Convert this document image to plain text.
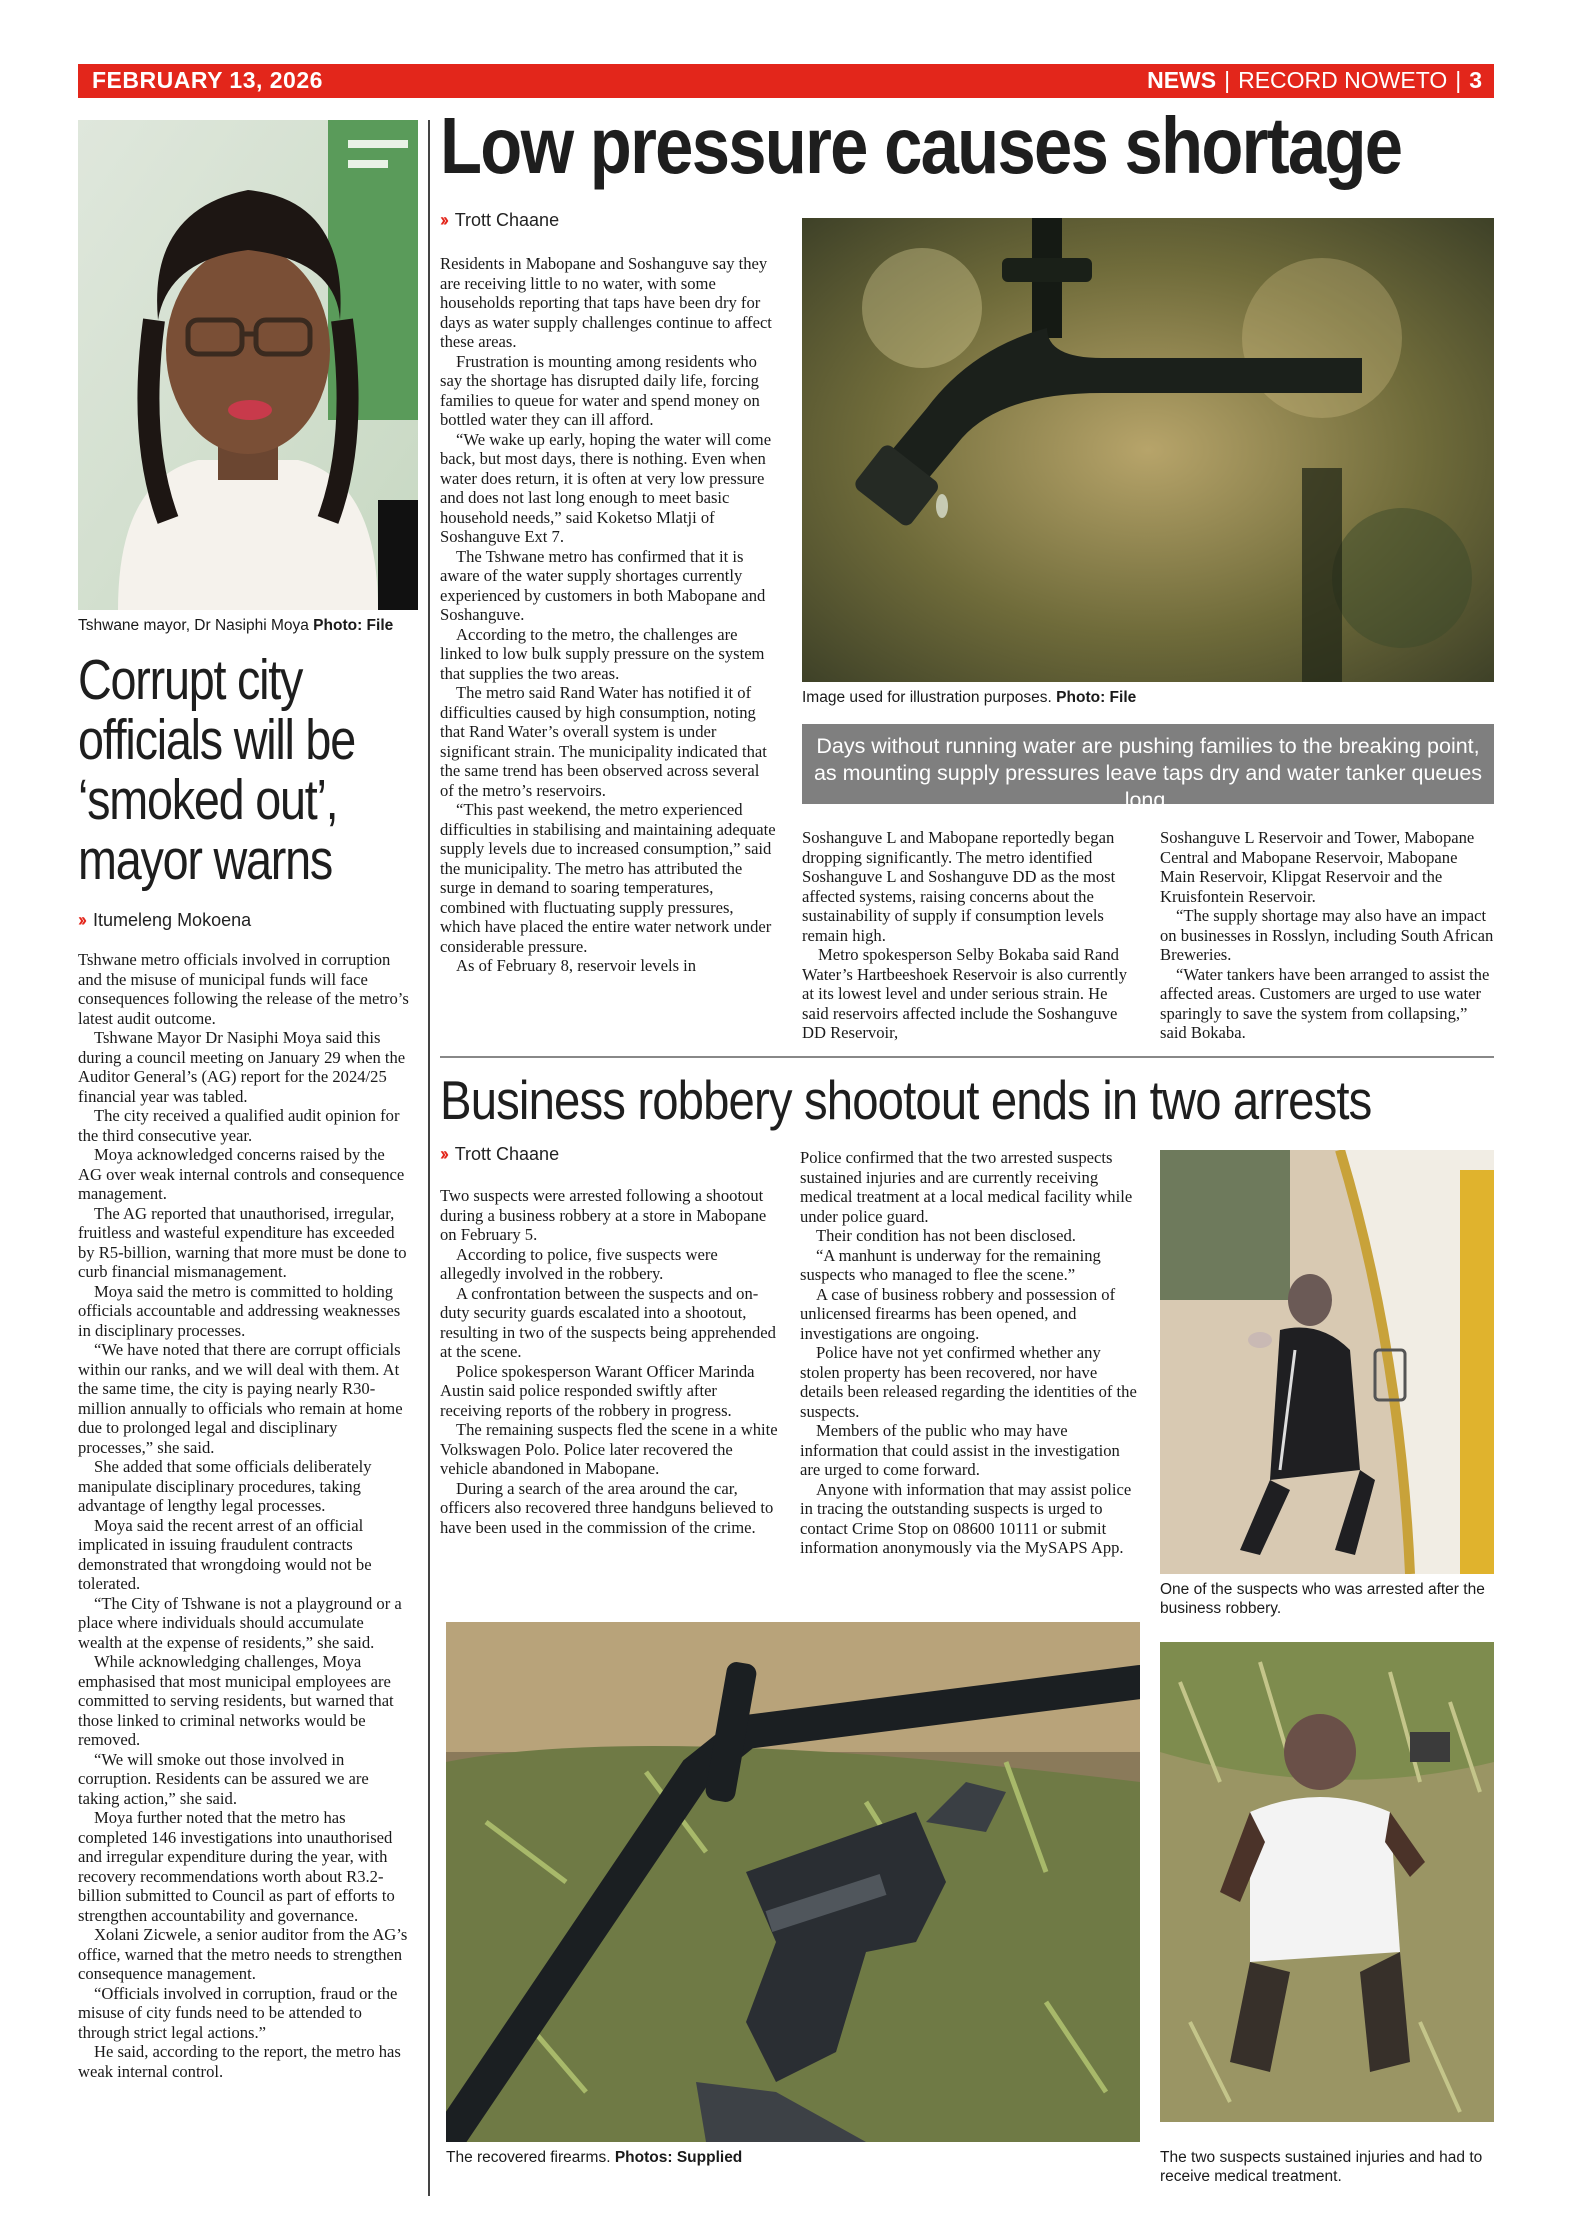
FEBRUARY 13, 2026	NEWS | RECORD NOWETO | 3
Tshwane mayor, Dr Nasiphi Moya Photo: File
Corrupt city officials will be ‘smoked out’, mayor warns
›› Itumeleng Mokoena

Tshwane metro officials involved in corruption and the misuse of municipal funds will face consequences following the release of the metro’s latest audit outcome.

Tshwane Mayor Dr Nasiphi Moya said this during a council meeting on January 29 when the Auditor General’s (AG) report for the 2024/25 financial year was tabled.

The city received a qualified audit opinion for the third consecutive year.

Moya acknowledged concerns raised by the AG over weak internal controls and consequence management.

The AG reported that unauthorised, irregular, fruitless and wasteful expenditure has exceeded by R5-billion, warning that more must be done to curb financial mismanagement.

Moya said the metro is committed to holding officials accountable and addressing weaknesses in disciplinary processes.

“We have noted that there are corrupt officials within our ranks, and we will deal with them. At the same time, the city is paying nearly R30-million annually to officials who remain at home due to prolonged legal and disciplinary processes,” she said.

She added that some officials deliberately manipulate disciplinary procedures, taking advantage of lengthy legal processes.

Moya said the recent arrest of an official implicated in issuing fraudulent contracts demonstrated that wrongdoing would not be tolerated.

“The City of Tshwane is not a playground or a place where individuals should accumulate wealth at the expense of residents,” she said.

While acknowledging challenges, Moya emphasised that most municipal employees are committed to serving residents, but warned that those linked to criminal networks would be removed.

“We will smoke out those involved in corruption. Residents can be assured we are taking action,” she said.

Moya further noted that the metro has completed 146 investigations into unauthorised and irregular expenditure during the year, with recovery recommendations worth about R3.2-billion submitted to Council as part of efforts to strengthen accountability and governance.

Xolani Zicwele, a senior auditor from the AG’s office, warned that the metro needs to strengthen consequence management.

“Officials involved in corruption, fraud or the misuse of city funds need to be attended to through strict legal actions.”

He said, according to the report, the metro has weak internal control.

Low pressure causes shortage
›› Trott Chaane

Residents in Mabopane and Soshanguve say they are receiving little to no water, with some households reporting that taps have been dry for days as water supply challenges continue to affect these areas.

Frustration is mounting among residents who say the shortage has disrupted daily life, forcing families to queue for water and spend money on bottled water they can ill afford.

“We wake up early, hoping the water will come back, but most days, there is nothing. Even when water does return, it is often at very low pressure and does not last long enough to meet basic household needs,” said Koketso Mlatji of Soshanguve Ext 7.

The Tshwane metro has confirmed that it is aware of the water supply shortages currently experienced by customers in both Mabopane and Soshanguve.

According to the metro, the challenges are linked to low bulk supply pressure on the system that supplies the two areas.

The metro said Rand Water has notified it of difficulties caused by high consumption, noting that Rand Water’s overall system is under significant strain. The municipality indicated that the same trend has been observed across several of the metro’s reservoirs.

“This past weekend, the metro experienced difficulties in stabilising and maintaining adequate supply levels due to increased consumption,” said the municipality. The metro has attributed the surge in demand to soaring temperatures, combined with fluctuating supply pressures, which have placed the entire water network under considerable pressure.

As of February 8, reservoir levels in

Image used for illustration purposes. Photo: File
Days without running water are pushing families to the breaking point, as mounting supply pressures leave taps dry and water tanker queues long.

Soshanguve L and Mabopane reportedly began dropping significantly. The metro identified Soshanguve L and Soshanguve DD as the most affected systems, raising concerns about the sustainability of supply if consumption levels remain high.

Metro spokesperson Selby Bokaba said Rand Water’s Hartbeeshoek Reservoir is also currently at its lowest level and under serious strain. He said reservoirs affected include the Soshanguve DD Reservoir,

Soshanguve L Reservoir and Tower, Mabopane Central and Mabopane Reservoir, Mabopane Main Reservoir, Klipgat Reservoir and the Kruisfontein Reservoir.

“The supply shortage may also have an impact on businesses in Rosslyn, including South African Breweries.

“Water tankers have been arranged to assist the affected areas. Customers are urged to use water sparingly to save the system from collapsing,” said Bokaba.

Business robbery shootout ends in two arrests
›› Trott Chaane

Two suspects were arrested following a shootout during a business robbery at a store in Mabopane on February 5.

According to police, five suspects were allegedly involved in the robbery.

A confrontation between the suspects and on-duty security guards escalated into a shootout, resulting in two of the suspects being apprehended at the scene.

Police spokesperson Warant Officer Marinda Austin said police responded swiftly after receiving reports of the robbery in progress.

The remaining suspects fled the scene in a white Volkswagen Polo. Police later recovered the vehicle abandoned in Mabopane.

During a search of the area around the car, officers also recovered three handguns believed to have been used in the commission of the crime.

Police confirmed that the two arrested suspects sustained injuries and are currently receiving medical treatment at a local medical facility while under police guard.

Their condition has not been disclosed.

“A manhunt is underway for the remaining suspects who managed to flee the scene.”

A case of business robbery and possession of unlicensed firearms has been opened, and investigations are ongoing.

Police have not yet confirmed whether any stolen property has been recovered, nor have details been released regarding the identities of the suspects.

Members of the public who may have information that could assist in the investigation are urged to come forward.

Anyone with information that may assist police in tracing the outstanding suspects is urged to contact Crime Stop on 08600 10111 or submit information anonymously via the MySAPS App.

One of the suspects who was arrested after the business robbery.
The recovered firearms. Photos: Supplied	The two suspects sustained injuries and had to receive medical treatment.
